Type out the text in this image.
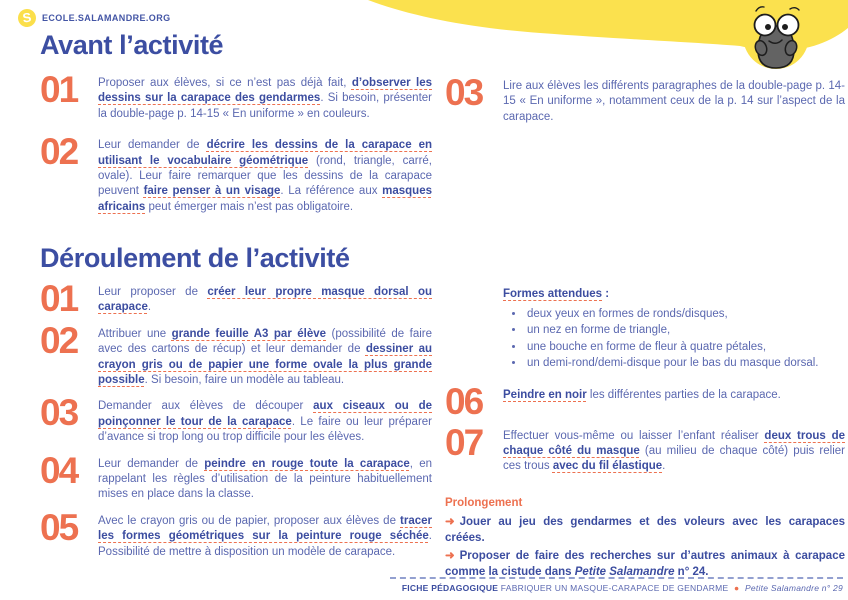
S	ECOLE.SALAMANDRE.ORG
Avant l’activité
01	Proposer aux élèves, si ce n’est pas déjà fait, d’observer les dessins sur la carapace des gendarmes. Si besoin, présenter la double-page p. 14-15 « En uniforme » en couleurs.
02	Leur demander de décrire les dessins de la carapace en utilisant le vocabulaire géométrique (rond, triangle, carré, ovale). Leur faire remarquer que les dessins de la carapace peuvent faire penser à un visage. La référence aux masques africains peut émerger mais n’est pas obligatoire.
03	Lire aux élèves les différents paragraphes de la double-page p. 14-15 « En uniforme », notamment ceux de la p. 14 sur l’aspect de la carapace.
Déroulement de l’activité
01	Leur proposer de créer leur propre masque dorsal ou carapace.
02	Attribuer une grande feuille A3 par élève (possibilité de faire avec des cartons de récup) et leur demander de dessiner au crayon gris ou de papier une forme ovale la plus grande possible. Si besoin, faire un modèle au tableau.
03	Demander aux élèves de découper aux ciseaux ou de poinçonner le tour de la carapace. Le faire ou leur préparer d’avance si trop long ou trop difficile pour les élèves.
04	Leur demander de peindre en rouge toute la carapace, en rappelant les règles d’utilisation de la peinture habituellement mises en place dans la classe.
05	Avec le crayon gris ou de papier, proposer aux élèves de tracer les formes géométriques sur la peinture rouge séchée. Possibilité de mettre à disposition un modèle de carapace.
Formes attendues :
• deux yeux en formes de ronds/disques,
• un nez en forme de triangle,
• une bouche en forme de fleur à quatre pétales,
• un demi-rond/demi-disque pour le bas du masque dorsal.
06	Peindre en noir les différentes parties de la carapace.
07	Effectuer vous-même ou laisser l’enfant réaliser deux trous de chaque côté du masque (au milieu de chaque côté) puis relier ces trous avec du fil élastique.
Prolongement
➜ Jouer au jeu des gendarmes et des voleurs avec les carapaces créées.
➜ Proposer de faire des recherches sur d’autres animaux à carapace comme la cistude dans Petite Salamandre n° 24.
FICHE PÉDAGOGIQUE FABRIQUER UN MASQUE-CARAPACE DE GENDARME ● Petite Salamandre n° 29
